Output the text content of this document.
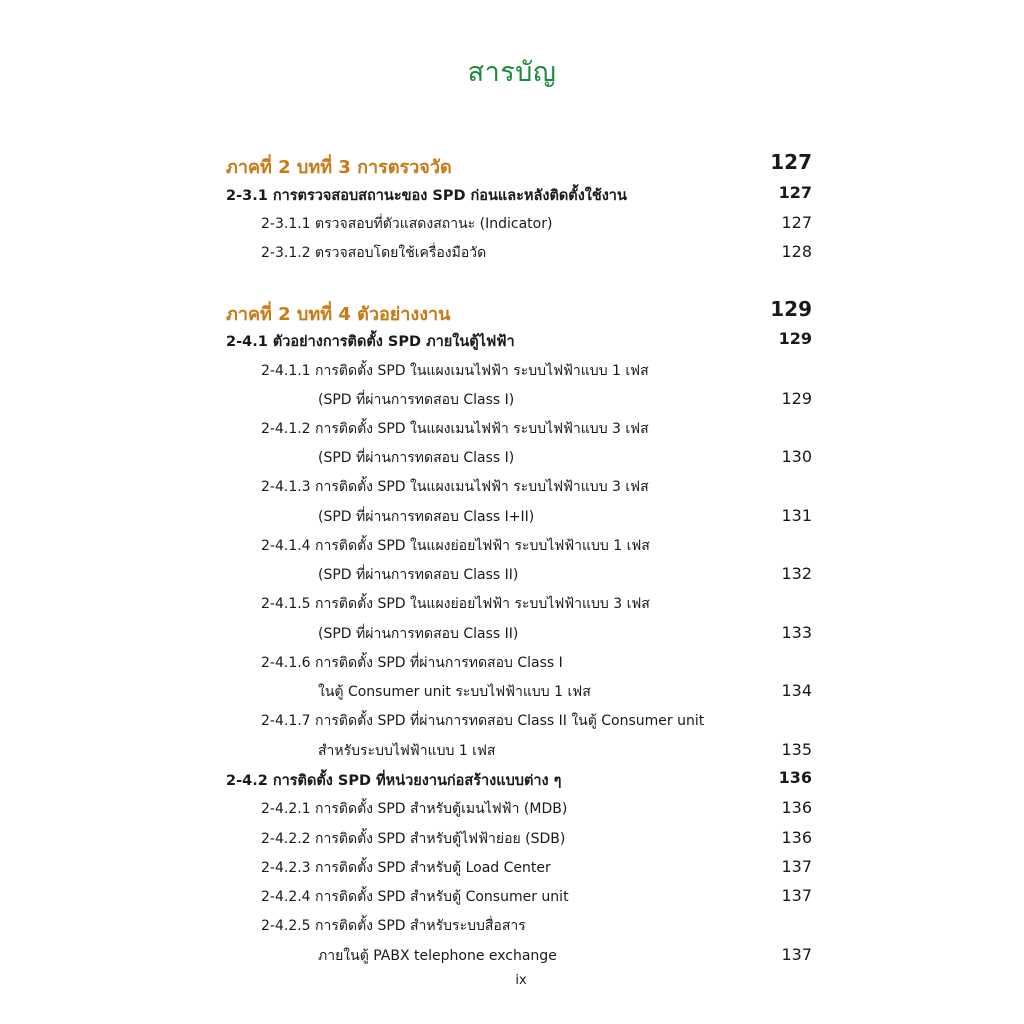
สารบัญ
ภาคที่ 2 บทที่ 3 การตรวจวัด	127
2-3.1 การตรวจสอบสถานะของ SPD ก่อนและหลังติดตั้งใช้งาน	127
2-3.1.1 ตรวจสอบที่ตัวแสดงสถานะ (Indicator)	127
2-3.1.2 ตรวจสอบโดยใช้เครื่องมือวัด	128
ภาคที่ 2 บทที่ 4 ตัวอย่างงาน	129
2-4.1 ตัวอย่างการติดตั้ง SPD ภายในตู้ไฟฟ้า	129
2-4.1.1 การติดตั้ง SPD ในแผงเมนไฟฟ้า ระบบไฟฟ้าแบบ 1 เฟส
(SPD ที่ผ่านการทดสอบ Class I)	129
2-4.1.2 การติดตั้ง SPD ในแผงเมนไฟฟ้า ระบบไฟฟ้าแบบ 3 เฟส
(SPD ที่ผ่านการทดสอบ Class I)	130
2-4.1.3 การติดตั้ง SPD ในแผงเมนไฟฟ้า ระบบไฟฟ้าแบบ 3 เฟส
(SPD ที่ผ่านการทดสอบ Class I+II)	131
2-4.1.4 การติดตั้ง SPD ในแผงย่อยไฟฟ้า ระบบไฟฟ้าแบบ 1 เฟส
(SPD ที่ผ่านการทดสอบ Class II)	132
2-4.1.5 การติดตั้ง SPD ในแผงย่อยไฟฟ้า ระบบไฟฟ้าแบบ 3 เฟส
(SPD ที่ผ่านการทดสอบ Class II)	133
2-4.1.6 การติดตั้ง SPD ที่ผ่านการทดสอบ Class I
ในตู้ Consumer unit ระบบไฟฟ้าแบบ 1 เฟส	134
2-4.1.7 การติดตั้ง SPD ที่ผ่านการทดสอบ Class II ในตู้ Consumer unit
สำหรับระบบไฟฟ้าแบบ 1 เฟส	135
2-4.2 การติดตั้ง SPD ที่หน่วยงานก่อสร้างแบบต่าง ๆ	136
2-4.2.1 การติดตั้ง SPD สำหรับตู้เมนไฟฟ้า (MDB)	136
2-4.2.2 การติดตั้ง SPD สำหรับตู้ไฟฟ้าย่อย (SDB)	136
2-4.2.3 การติดตั้ง SPD สำหรับตู้ Load Center	137
2-4.2.4 การติดตั้ง SPD สำหรับตู้ Consumer unit	137
2-4.2.5 การติดตั้ง SPD สำหรับระบบสื่อสาร
ภายในตู้ PABX telephone exchange	137
ix
